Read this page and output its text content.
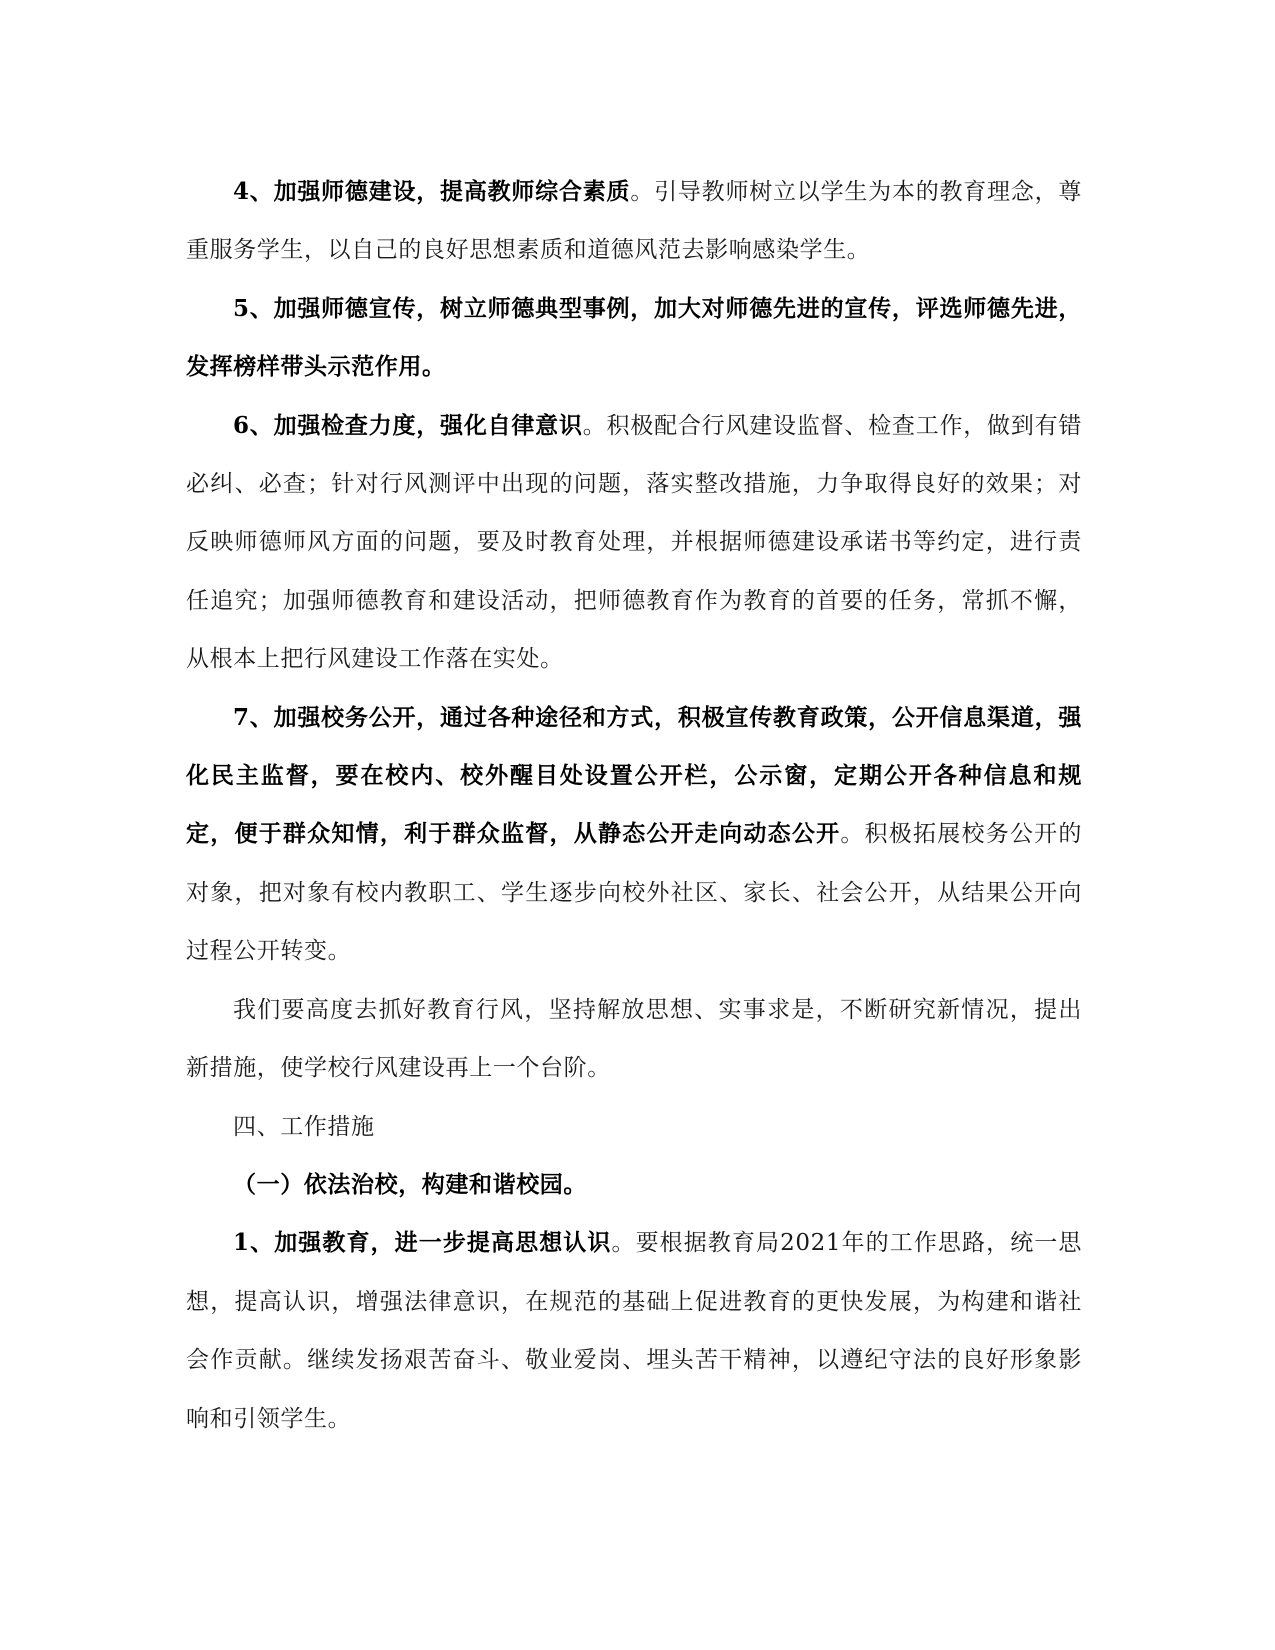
4、加强师德建设，提高教师综合素质。引导教师树立以学生为本的教育理念，尊重服务学生，以自己的良好思想素质和道德风范去影响感染学生。

5、加强师德宣传，树立师德典型事例，加大对师德先进的宣传，评选师德先进，发挥榜样带头示范作用。

6、加强检查力度，强化自律意识。积极配合行风建设监督、检查工作，做到有错必纠、必查；针对行风测评中出现的问题，落实整改措施，力争取得良好的效果；对反映师德师风方面的问题，要及时教育处理，并根据师德建设承诺书等约定，进行责任追究；加强师德教育和建设活动，把师德教育作为教育的首要的任务，常抓不懈，从根本上把行风建设工作落在实处。

7、加强校务公开，通过各种途径和方式，积极宣传教育政策，公开信息渠道，强化民主监督，要在校内、校外醒目处设置公开栏，公示窗，定期公开各种信息和规定，便于群众知情，利于群众监督，从静态公开走向动态公开。积极拓展校务公开的对象，把对象有校内教职工、学生逐步向校外社区、家长、社会公开，从结果公开向过程公开转变。

我们要高度去抓好教育行风，坚持解放思想、实事求是，不断研究新情况，提出新措施，使学校行风建设再上一个台阶。

四、工作措施

（一）依法治校，构建和谐校园。

1、加强教育，进一步提高思想认识。要根据教育局2021年的工作思路，统一思想，提高认识，增强法律意识，在规范的基础上促进教育的更快发展，为构建和谐社会作贡献。继续发扬艰苦奋斗、敬业爱岗、埋头苦干精神，以遵纪守法的良好形象影响和引领学生。
